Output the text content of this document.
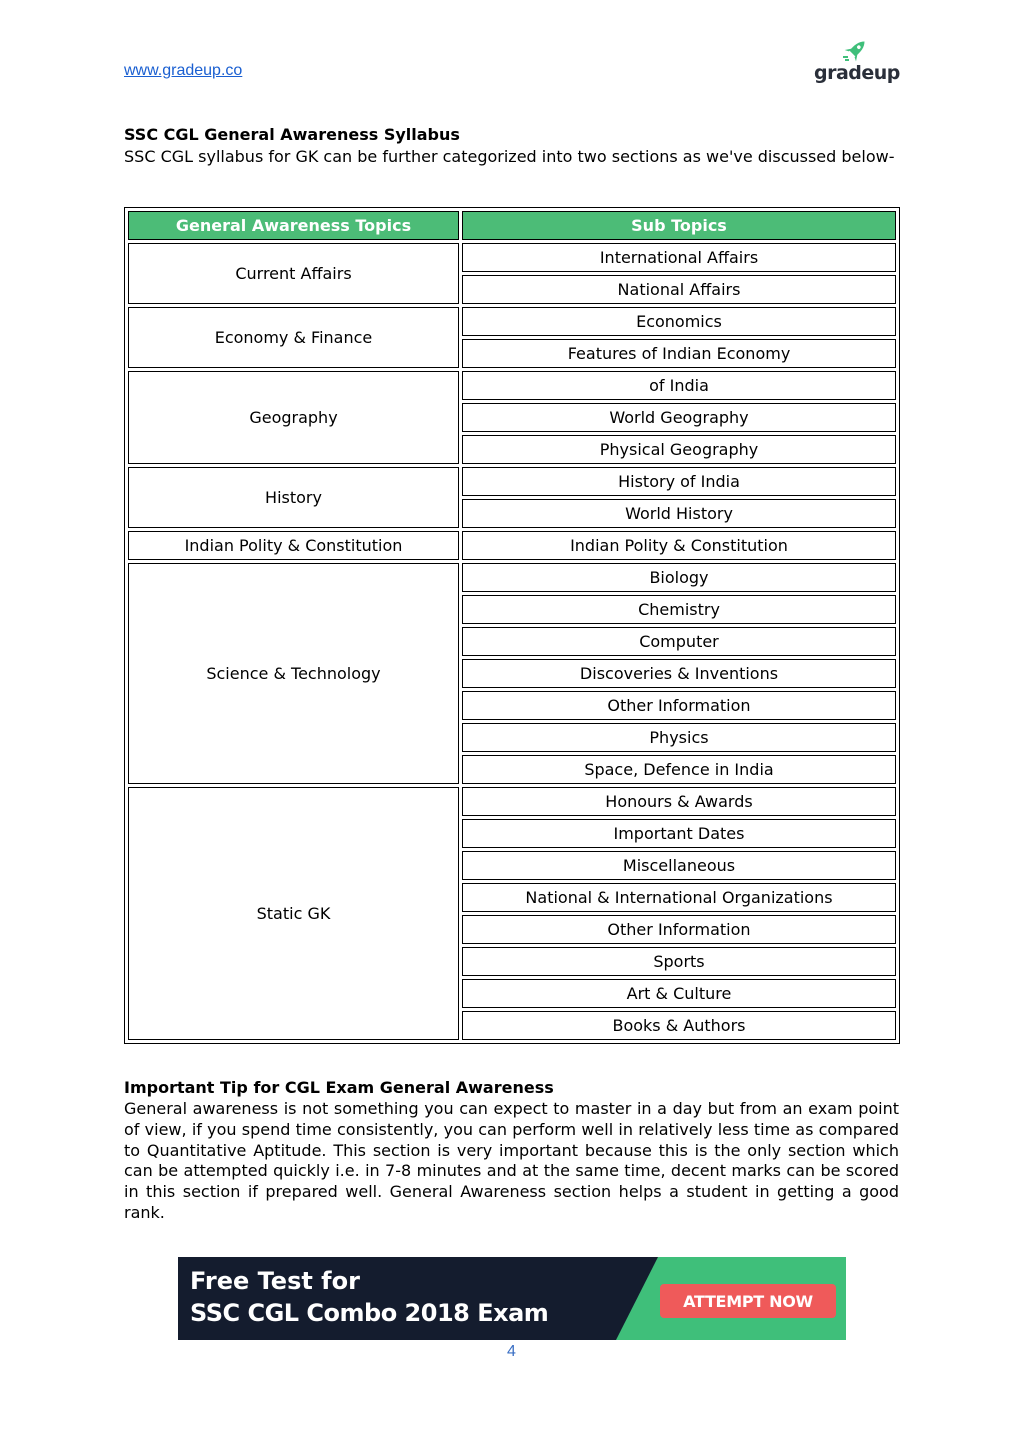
www.gradeup.co	gradeup
SSC CGL General Awareness Syllabus
SSC CGL syllabus for GK can be further categorized into two sections as we've discussed below-
General Awareness Topics	Sub Topics
Current Affairs	International Affairs
	National Affairs
Economy & Finance	Economics
	Features of Indian Economy
Geography	of India
	World Geography
	Physical Geography
History	History of India
	World History
Indian Polity & Constitution	Indian Polity & Constitution
Science & Technology	Biology
	Chemistry
	Computer
	Discoveries & Inventions
	Other Information
	Physics
	Space, Defence in India
Static GK	Honours & Awards
	Important Dates
	Miscellaneous
	National & International Organizations
	Other Information
	Sports
	Art & Culture
	Books & Authors
Important Tip for CGL Exam General Awareness
General awareness is not something you can expect to master in a day but from an exam point of view, if you spend time consistently, you can perform well in relatively less time as compared to Quantitative Aptitude. This section is very important because this is the only section which can be attempted quickly i.e. in 7-8 minutes and at the same time, decent marks can be scored in this section if prepared well. General Awareness section helps a student in getting a good rank.
Free Test for
SSC CGL Combo 2018 Exam	ATTEMPT NOW
4
